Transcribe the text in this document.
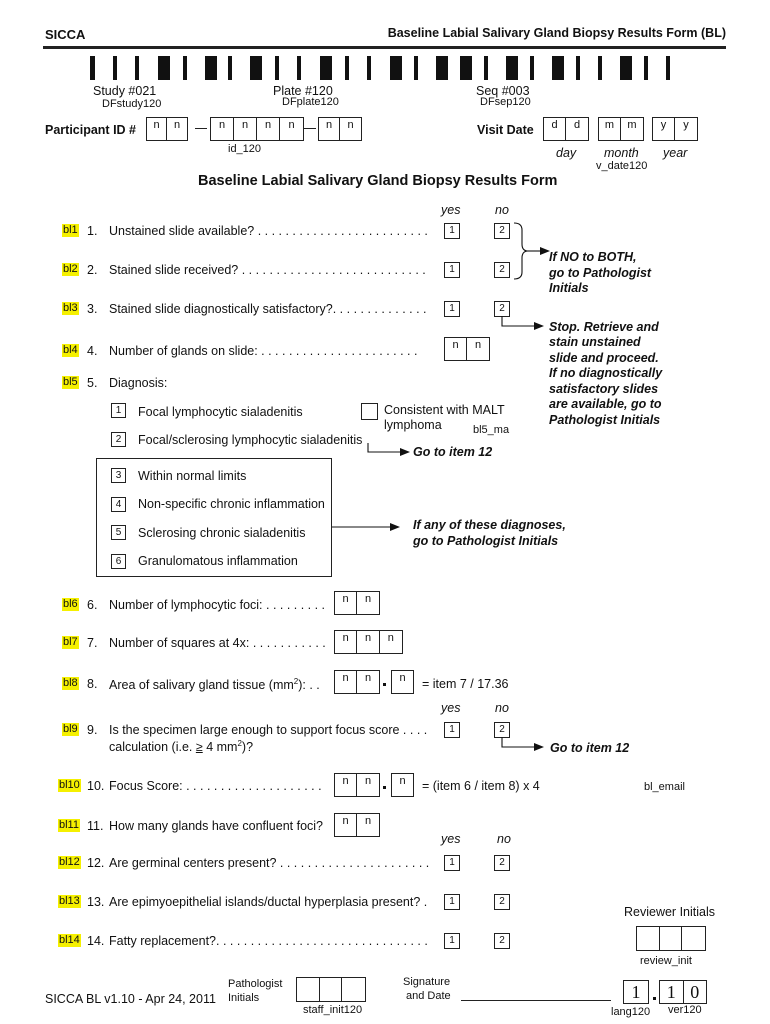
SICCA	Baseline Labial Salivary Gland Biopsy Results Form (BL)
Study #021
DFstudy120
Plate #120
DFplate120
Seq #003
DFsep120
Participant ID #	n	n	n	n	n	n	n	n
id_120
Visit Date	d	d	m	m	y	y
day month year
v_date120
Baseline Labial Salivary Gland Biopsy Results Form
yes	no
bl1 1. Unstained slide available? . . . . . . . . . . . . . . . . . . . . . . . . .	1	2
bl2 2. Stained slide received? . . . . . . . . . . . . . . . . . . . . . . . . . . .	1	2
If NO to BOTH,
go to Pathologist
Initials
bl3 3. Stained slide diagnostically satisfactory?. . . . . . . . . . . . . .	1	2
Stop. Retrieve and
stain unstained
slide and proceed.
If no diagnostically
satisfactory slides
are available, go to
Pathologist Initials
bl4 4. Number of glands on slide: . . . . . . . . . . . . . . . . . . . . . . .	n	n
bl5 5. Diagnosis:
1	Focal lymphocytic sialadenitis
2	Focal/sclerosing lymphocytic sialadenitis
Consistent with MALT
lymphoma	bl5_ma
Go to item 12
3	Within normal limits
4	Non-specific chronic inflammation
5	Sclerosing chronic sialadenitis
6	Granulomatous inflammation
If any of these diagnoses,
go to Pathologist Initials
bl6 6. Number of lymphocytic foci: . . . . . . . . .	n	n
bl7 7. Number of squares at 4x: . . . . . . . . . . .	n	n	n
bl8 8. Area of salivary gland tissue $(mm^2)$: . .
n	n	n	= item 7 / 17.36
yes	no
bl9 9. Is the specimen large enough to support focus score . . . .
calculation (i.e. ≥ 4 $mm^2$)?
1	2
Go to item 12
bl10 10. Focus Score: . . . . . . . . . . . . . . . . . . . .	n	n	n	= (item 6 / item 8) x 4	bl_email
bl11 11. How many glands have confluent foci?	n	n
yes	no
bl12 12. Are germinal centers present? . . . . . . . . . . . . . . . . . . . . . .	1	2
bl13 13. Are epimyoepithelial islands/ductal hyperplasia present? .	1	2
Reviewer Initials
review_init
bl14 14. Fatty replacement?. . . . . . . . . . . . . . . . . . . . . . . . . . . . . . .	1	2
SICCA BL v1.10 - Apr 24, 2011
Pathologist
Initials
staff_init120
Signature
and Date	1	1 0
lang120 ver120
